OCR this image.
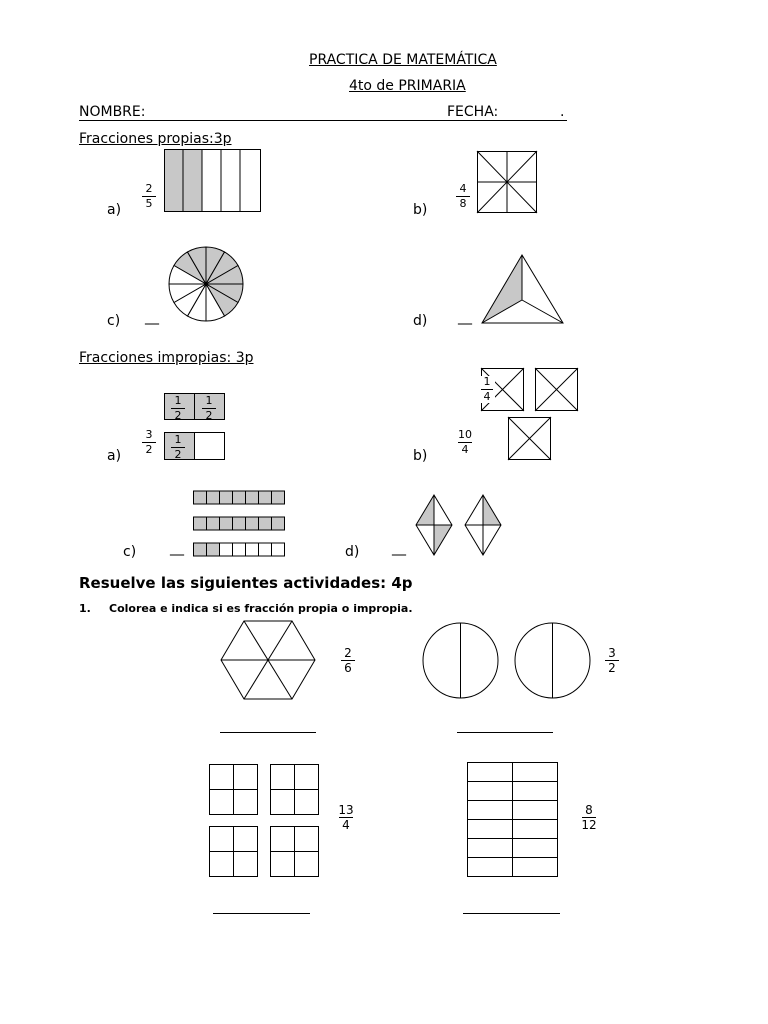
PRACTICA DE MATEMÁTICA
4to de PRIMARIA
NOMBRE:	FECHA:	.
Fracciones propias:3p
a)
2
5	b)
4
8
c) __	d) __
Fracciones impropias: 3p
1
2
1
2
1
2
a)
3
2
1
4
b)
10
4
c) __	d) __
Resuelve las siguientes actividades: 4p
1. Colorea e indica si es fracción propia o impropia.
2
6
3
2
13
4
8
12
